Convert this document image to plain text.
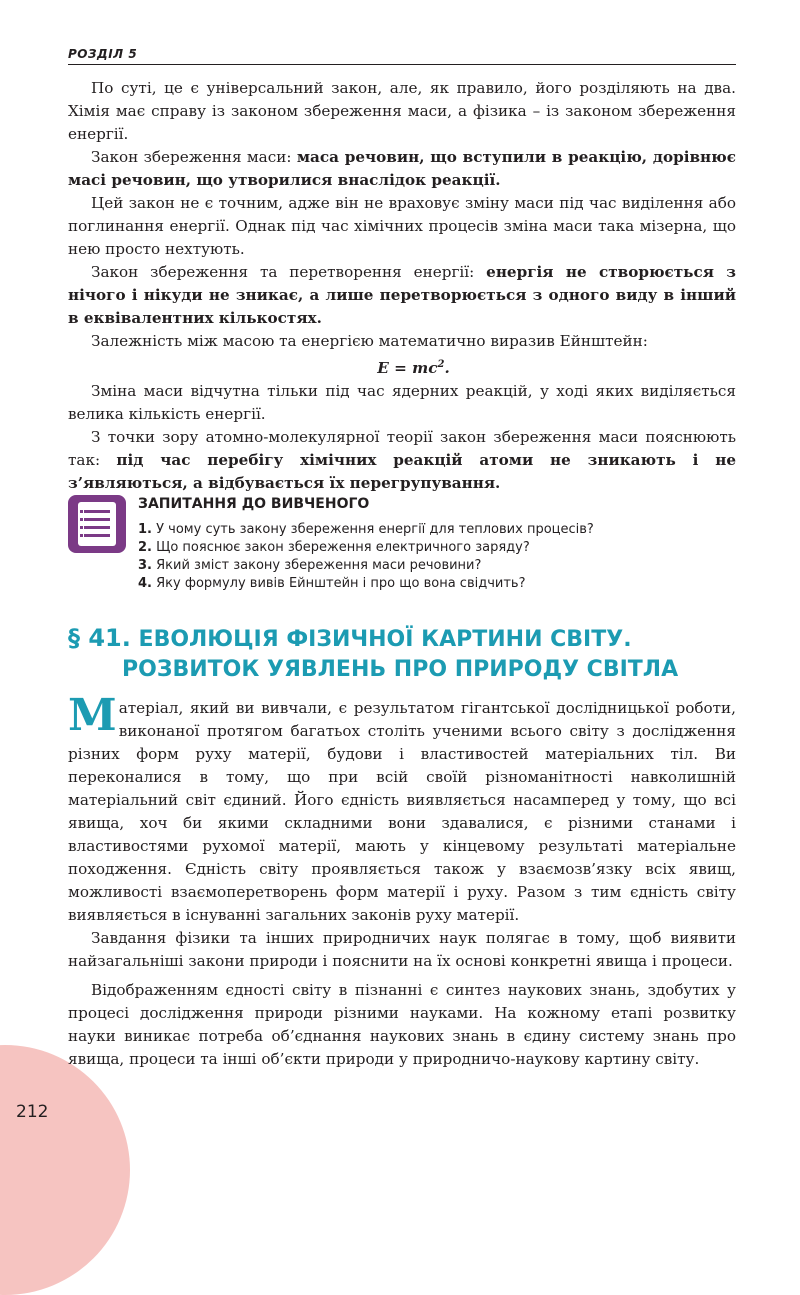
212
РОЗДІЛ 5

По суті, це є універсальний закон, але, як правило, його розділяють на два. Хімія має справу із законом збереження маси, а фізика – із законом збереження енергії.

Закон збереження маси: маса речовин, що вступили в реакцію, дорівнює масі речовин, що утворилися внаслідок реакції.

Цей закон не є точним, адже він не враховує зміну маси під час виділення або поглинання енергії. Однак під час хімічних процесів зміна маси така мізерна, що нею просто нехтують.

Закон збереження та перетворення енергії: енергія не створюється з нічого і нікуди не зникає, а лише перетворюється з одного виду в інший в еквівалентних кількостях.

Залежність між масою та енергією математично виразив Ейнштейн:

$E = mc^2$.

Зміна маси відчутна тільки під час ядерних реакцій, у ході яких виділяється велика кількість енергії.

З точки зору атомно-молекулярної теорії закон збереження маси пояснюють так: під час перебігу хімічних реакцій атоми не зникають і не з’являються, а відбувається їх перегрупування.

ЗАПИТАННЯ ДО ВИВЧЕНОГО
1. У чому суть закону збереження енергії для теплових процесів?
2. Що пояснює закон збереження електричного заряду?
3. Який зміст закону збереження маси речовини?
4. Яку формулу вивів Ейнштейн і про що вона свідчить?
§ 41. ЕВОЛЮЦІЯ ФІЗИЧНОЇ КАРТИНИ СВІТУ.
РОЗВИТОК УЯВЛЕНЬ ПРО ПРИРОДУ СВІТЛА

Матеріал, який ви вивчали, є результатом гігантської дослідницької роботи, виконаної протягом багатьох століть ученими всього світу з дослідження різних форм руху матерії, будови і властивостей матеріальних тіл. Ви переконалися в тому, що при всій своїй різноманітності навколишній матеріальний світ єдиний. Його єдність виявляється насамперед у тому, що всі явища, хоч би якими складними вони здавалися, є різними станами і властивостями рухомої матерії, мають у кінцевому результаті матеріальне походження. Єдність світу проявляється також у взаємозв’язку всіх явищ, можливості взаємоперетворень форм матерії і руху. Разом з тим єдність світу виявляється в існуванні загальних законів руху матерії.

Завдання фізики та інших природничих наук полягає в тому, щоб виявити найзагальніші закони природи і пояснити на їх основі конкретні явища і процеси.

Відображенням єдності світу в пізнанні є синтез наукових знань, здобутих у процесі дослідження природи різними науками. На кожному етапі розвитку науки виникає потреба об’єднання наукових знань в єдину систему знань про явища, процеси та інші об’єкти природи у природничо-наукову картину світу.
